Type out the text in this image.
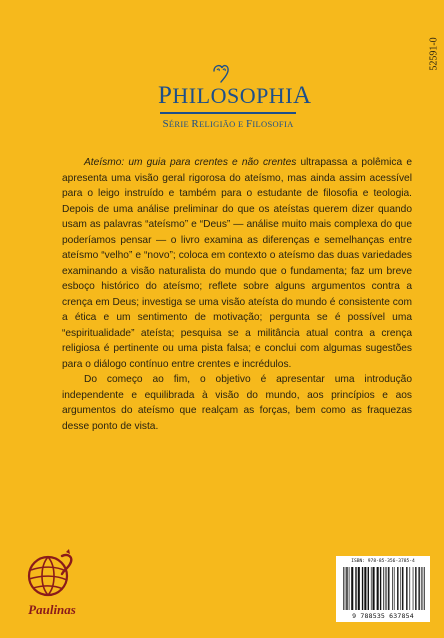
52591-0
PHILOSOPHIA
SÉRIE RELIGIÃO E FILOSOFIA

Ateísmo: um guia para crentes e não crentes ultrapassa a polêmica e apresenta uma visão geral rigorosa do ateísmo, mas ainda assim acessível para o leigo instruído e também para o estudante de filosofia e teologia. Depois de uma análise preliminar do que os ateístas querem dizer quando usam as palavras “ateísmo” e “Deus” — análise muito mais complexa do que poderíamos pensar — o livro examina as diferenças e semelhanças entre ateísmo “velho” e “novo”; coloca em contexto o ateísmo das duas variedades examinando a visão naturalista do mundo que o fundamenta; faz um breve esboço histórico do ateísmo; reflete sobre alguns argumentos contra a crença em Deus; investiga se uma visão ateísta do mundo é consistente com a ética e um sentimento de motivação; pergunta se é possível uma “espiritualidade” ateísta; pesquisa se a militância atual contra a crença religiosa é pertinente ou uma pista falsa; e conclui com algumas sugestões para o diálogo contínuo entre crentes e incrédulos.

Do começo ao fim, o objetivo é apresentar uma introdução independente e equilibrada à visão do mundo, aos princípios e aos argumentos do ateísmo que realçam as forças, bem como as fraquezas desse ponto de vista.

Paulinas
ISBN: 978-85-356-3785-4
9 788535 637854
